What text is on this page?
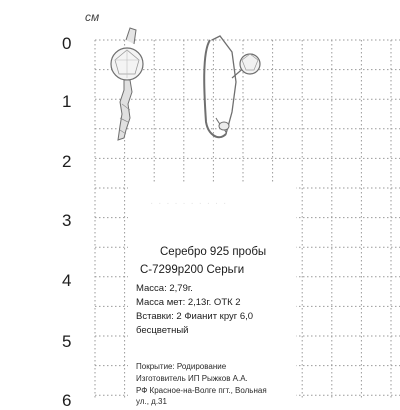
cм
0
1
2
3
4
5
6
· · · · · · · · · ·
Серебро 925 пробы
С-7299р200 Серьги
Масса: 2,79г.
Масса мет: 2,13г. ОТК 2
Вставки: 2 Фианит круг 6,0
бесцветный
Покрытие: Родирование
Изготовитель ИП Рыжков А.А.
РФ Красное-на-Волге пгт., Вольная
ул., д.31
